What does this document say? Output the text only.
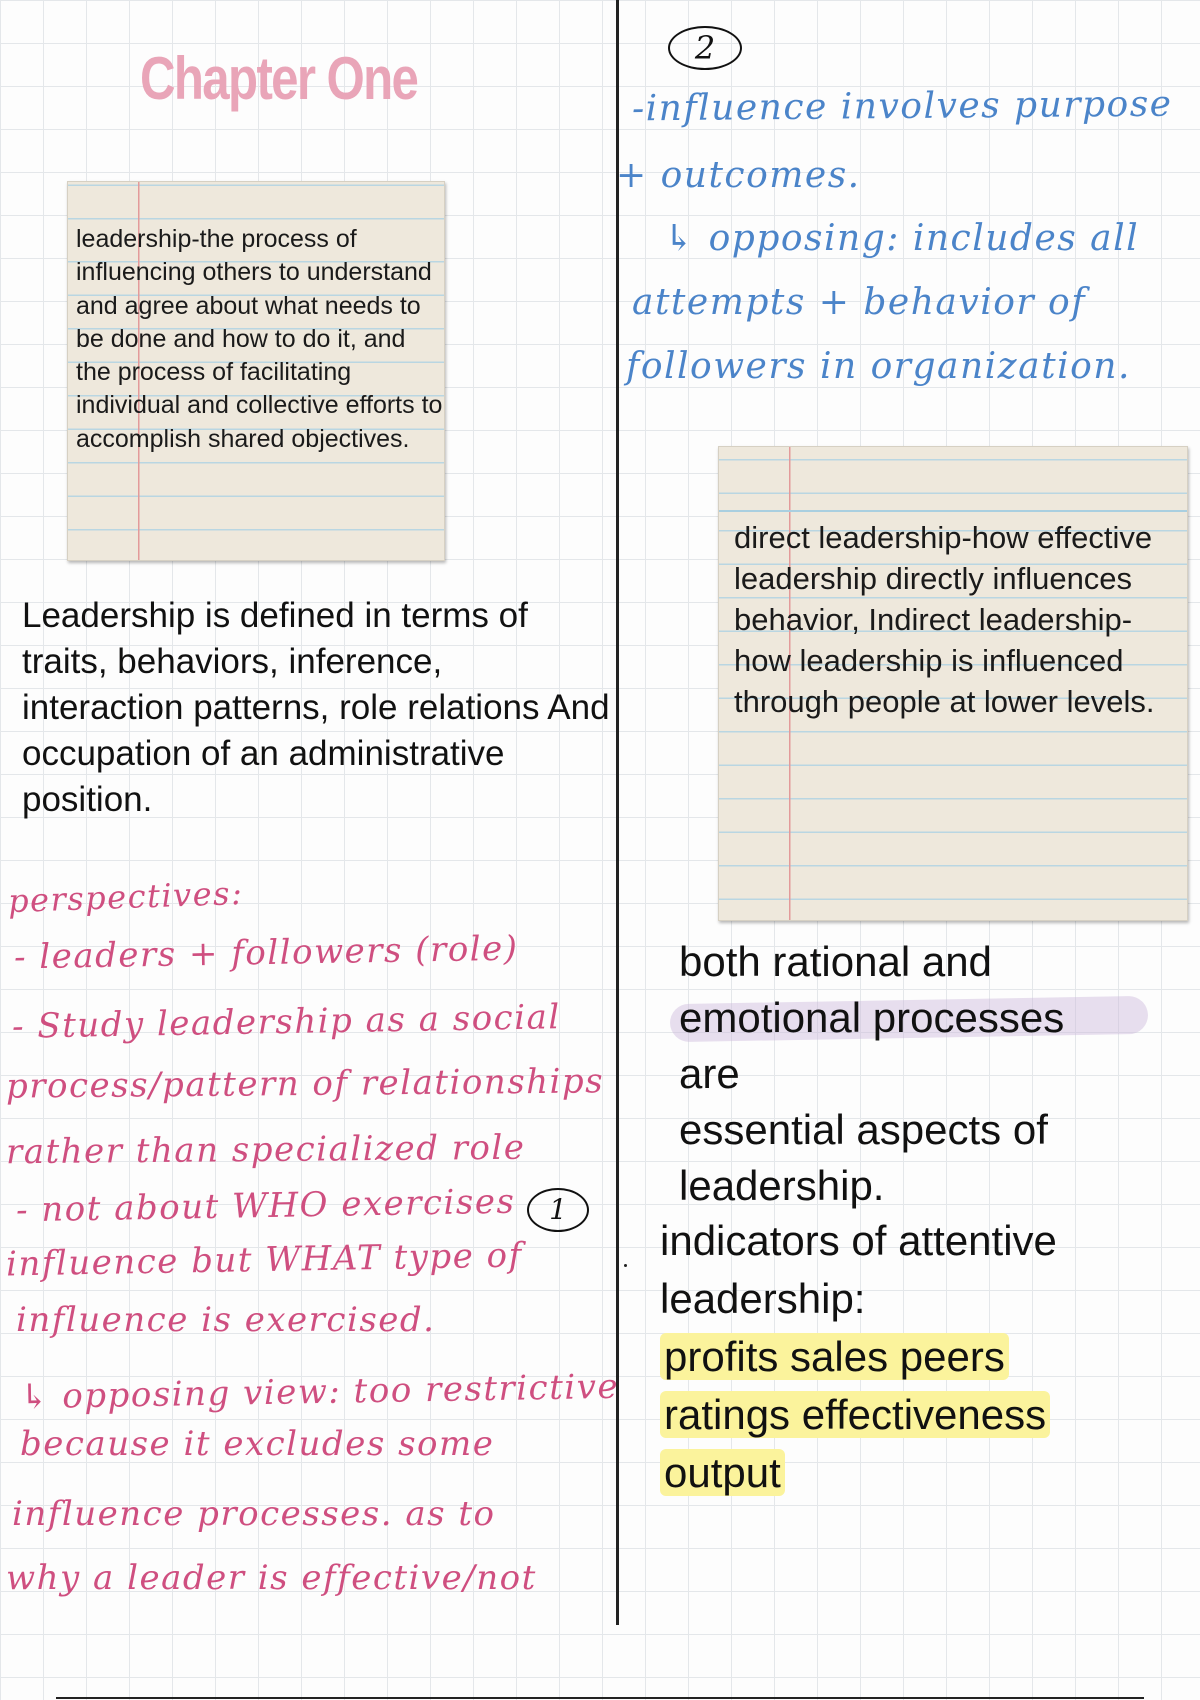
Chapter One	2
leadership-the process of influencing others to understand and agree about what needs to be done and how to do it, and the process of facilitating individual and collective efforts to accomplish shared objectives.
Leadership is defined in terms of traits, behaviors, inference, interaction patterns, role relations And occupation of an administrative position.
perspectives:
- leaders + followers (role)
- Study leadership as a social
process/pattern of relationships
rather than specialized role
- not about WHO exercises
influence but WHAT type of
influence is exercised.
↳ opposing view: too restrictive
because it excludes some
influence processes. as to
why a leader is effective/not
1
-influence involves purpose
+ outcomes.
↳ opposing: includes all
attempts + behavior of
followers in organization.
direct leadership-how effective leadership directly influences behavior, Indirect leadership-how leadership is influenced through people at lower levels.
both rational and
emotional processes
are
essential aspects of
leadership.
indicators of attentive
leadership:
profits sales peers
ratings effectiveness
output
